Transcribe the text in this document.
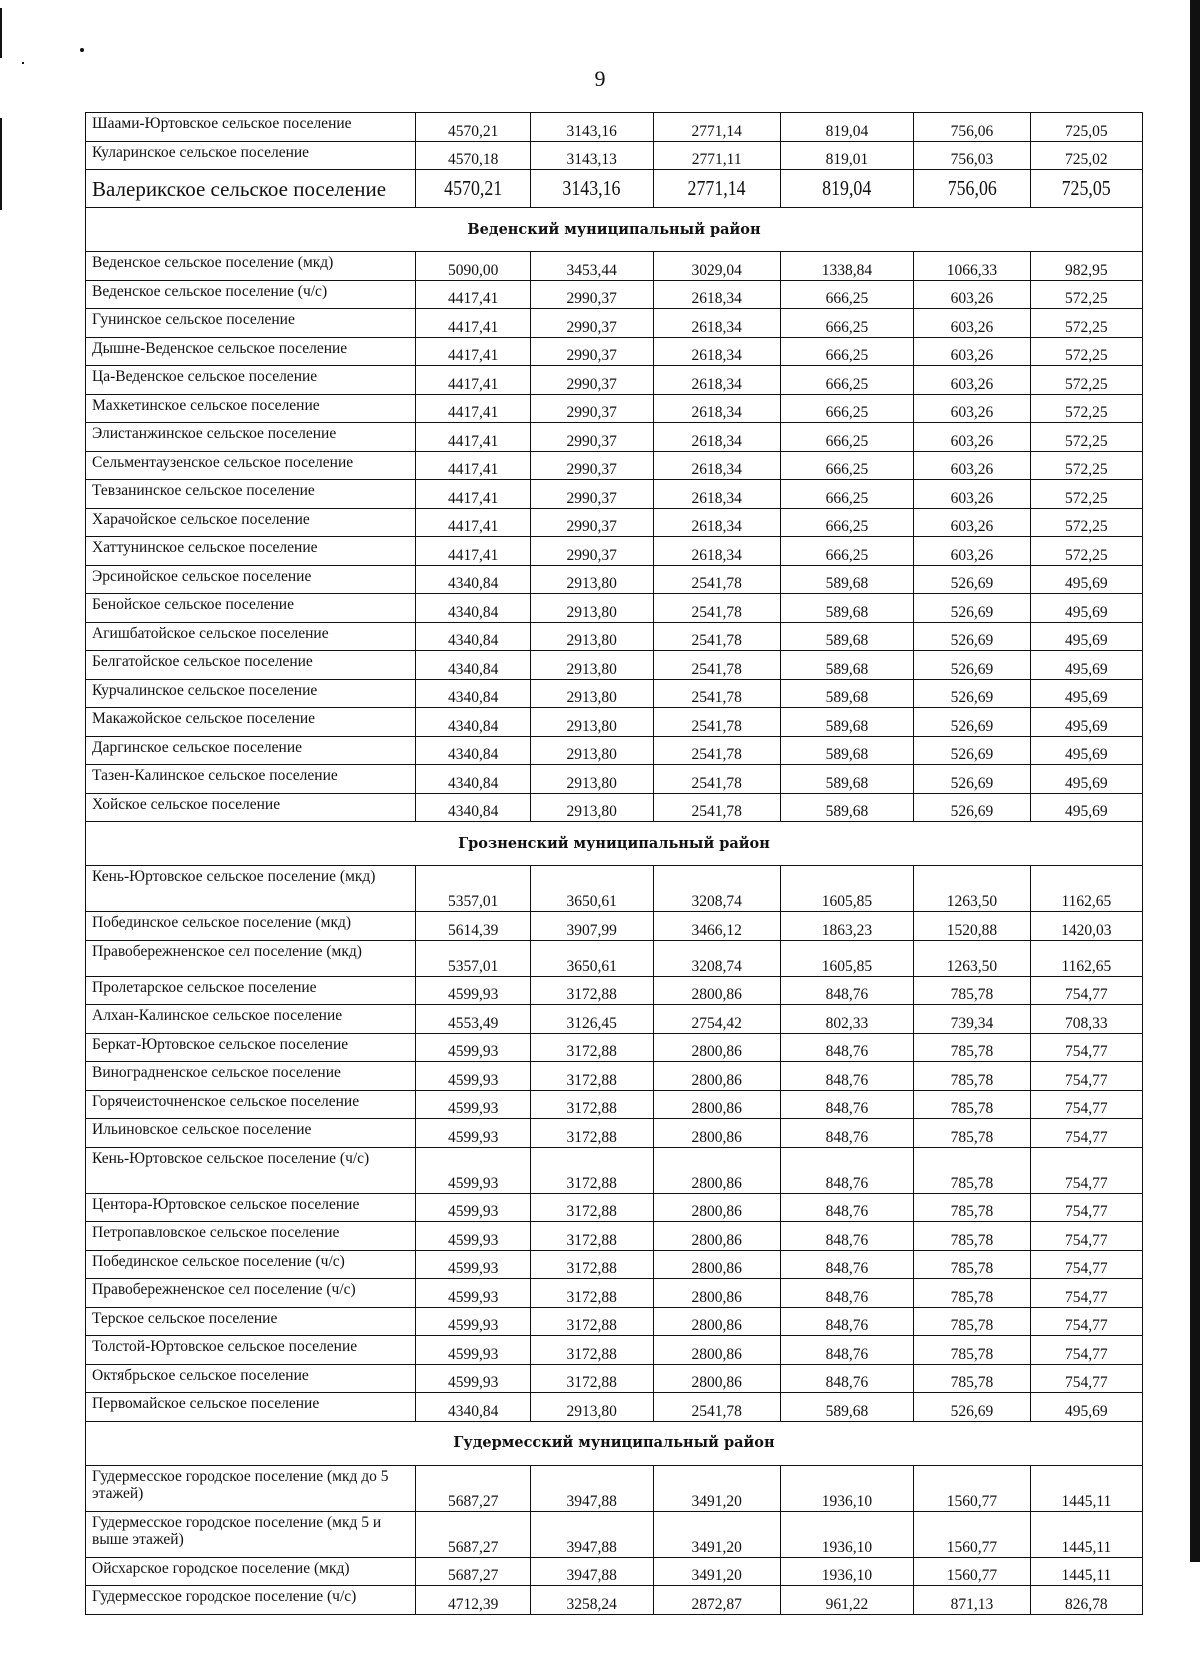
9
Шаами-Юртовское сельское поселение	4570,21	3143,16	2771,14	819,04	756,06	725,05
Куларинское сельское поселение	4570,18	3143,13	2771,11	819,01	756,03	725,02
Валерикское сельское поселение	4570,21	3143,16	2771,14	819,04	756,06	725,05
Веденский муниципальный район						
Веденское сельское поселение (мкд)	5090,00	3453,44	3029,04	1338,84	1066,33	982,95
Веденское сельское поселение (ч/с)	4417,41	2990,37	2618,34	666,25	603,26	572,25
Гунинское сельское поселение	4417,41	2990,37	2618,34	666,25	603,26	572,25
Дышне-Веденское сельское поселение	4417,41	2990,37	2618,34	666,25	603,26	572,25
Ца-Веденское сельское поселение	4417,41	2990,37	2618,34	666,25	603,26	572,25
Махкетинское сельское поселение	4417,41	2990,37	2618,34	666,25	603,26	572,25
Элистанжинское сельское поселение	4417,41	2990,37	2618,34	666,25	603,26	572,25
Сельментаузенское сельское поселение	4417,41	2990,37	2618,34	666,25	603,26	572,25
Тевзанинское сельское поселение	4417,41	2990,37	2618,34	666,25	603,26	572,25
Харачойское сельское поселение	4417,41	2990,37	2618,34	666,25	603,26	572,25
Хаттунинское сельское поселение	4417,41	2990,37	2618,34	666,25	603,26	572,25
Эрсинойское сельское поселение	4340,84	2913,80	2541,78	589,68	526,69	495,69
Бенойское сельское поселение	4340,84	2913,80	2541,78	589,68	526,69	495,69
Агишбатойское сельское поселение	4340,84	2913,80	2541,78	589,68	526,69	495,69
Белгатойское сельское поселение	4340,84	2913,80	2541,78	589,68	526,69	495,69
Курчалинское сельское поселение	4340,84	2913,80	2541,78	589,68	526,69	495,69
Макажойское сельское поселение	4340,84	2913,80	2541,78	589,68	526,69	495,69
Даргинское сельское поселение	4340,84	2913,80	2541,78	589,68	526,69	495,69
Тазен-Калинское сельское поселение	4340,84	2913,80	2541,78	589,68	526,69	495,69
Хойское сельское поселение	4340,84	2913,80	2541,78	589,68	526,69	495,69
Грозненский муниципальный район						
Кень-Юртовское сельское поселение (мкд)	5357,01	3650,61	3208,74	1605,85	1263,50	1162,65
Побединское сельское поселение (мкд)	5614,39	3907,99	3466,12	1863,23	1520,88	1420,03
Правобережненское сел поселение (мкд)	5357,01	3650,61	3208,74	1605,85	1263,50	1162,65
Пролетарское сельское поселение	4599,93	3172,88	2800,86	848,76	785,78	754,77
Алхан-Калинское сельское поселение	4553,49	3126,45	2754,42	802,33	739,34	708,33
Беркат-Юртовское сельское поселение	4599,93	3172,88	2800,86	848,76	785,78	754,77
Виноградненское сельское поселение	4599,93	3172,88	2800,86	848,76	785,78	754,77
Горячеисточненское сельское поселение	4599,93	3172,88	2800,86	848,76	785,78	754,77
Ильиновское сельское поселение	4599,93	3172,88	2800,86	848,76	785,78	754,77
Кень-Юртовское сельское поселение (ч/с)	4599,93	3172,88	2800,86	848,76	785,78	754,77
Центора-Юртовское сельское поселение	4599,93	3172,88	2800,86	848,76	785,78	754,77
Петропавловское сельское поселение	4599,93	3172,88	2800,86	848,76	785,78	754,77
Побединское сельское поселение (ч/с)	4599,93	3172,88	2800,86	848,76	785,78	754,77
Правобережненское сел поселение (ч/с)	4599,93	3172,88	2800,86	848,76	785,78	754,77
Терское сельское поселение	4599,93	3172,88	2800,86	848,76	785,78	754,77
Толстой-Юртовское сельское поселение	4599,93	3172,88	2800,86	848,76	785,78	754,77
Октябрьское сельское поселение	4599,93	3172,88	2800,86	848,76	785,78	754,77
Первомайское сельское поселение	4340,84	2913,80	2541,78	589,68	526,69	495,69
Гудермесский муниципальный район						
Гудермесское городское поселение (мкд до 5 этажей)	5687,27	3947,88	3491,20	1936,10	1560,77	1445,11
Гудермесское городское поселение (мкд 5 и выше этажей)	5687,27	3947,88	3491,20	1936,10	1560,77	1445,11
Ойсхарское городское поселение (мкд)	5687,27	3947,88	3491,20	1936,10	1560,77	1445,11
Гудермесское городское поселение (ч/с)	4712,39	3258,24	2872,87	961,22	871,13	826,78
